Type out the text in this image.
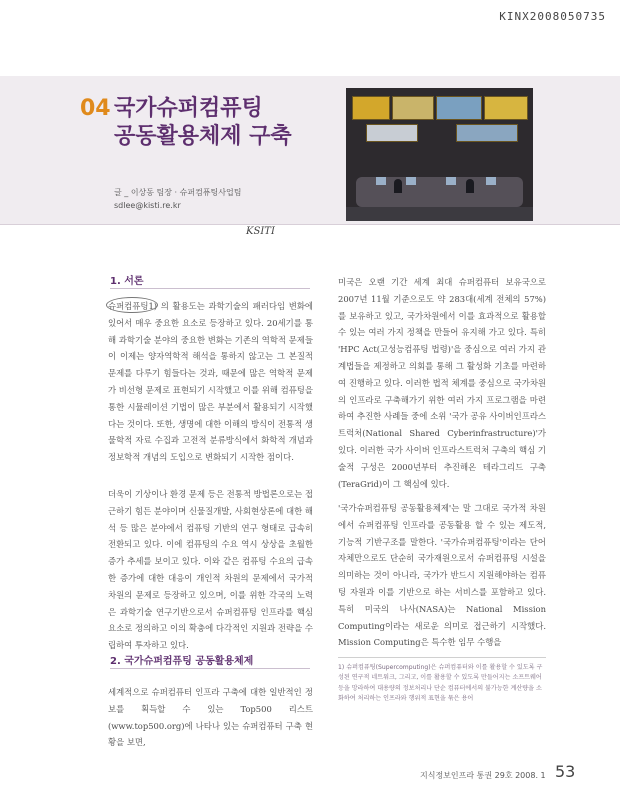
KINX2008050735
04 국가슈퍼컴퓨팅
공동활용체제 구축
글 _ 이상동 팀장 · 슈퍼컴퓨팅사업팀
sdlee@kisti.re.kr
KSITI
1. 서론

슈퍼컴퓨팅1) 의 활용도는 과학기술의 패러다임 변화에 있어서 매우 중요한 요소로 등장하고 있다. 20세기를 통해 과학기술 분야의 중요한 변화는 기존의 역학적 문제들이 이제는 양자역학적 해석을 통하지 않고는 그 본질적 문제를 다루기 힘들다는 것과, 때문에 많은 역학적 문제가 비선형 문제로 표현되기 시작했고 이를 위해 컴퓨팅을 통한 시뮬레이션 기법이 많은 부분에서 활용되기 시작했다는 것이다. 또한, 생명에 대한 이해의 방식이 전통적 생물학적 자료 수집과 고전적 분류방식에서 화학적 개념과 정보학적 개념의 도입으로 변화되기 시작한 점이다.

더욱이 기상이나 환경 문제 등은 전통적 방법론으로는 접근하기 힘든 분야이며 신물질개발, 사회현상론에 대한 해석 등 많은 분야에서 컴퓨팅 기반의 연구 형태로 급속히 전환되고 있다. 이에 컴퓨팅의 수요 역시 상상을 초월한 증가 추세를 보이고 있다. 이와 같은 컴퓨팅 수요의 급속한 증가에 대한 대응이 개인적 차원의 문제에서 국가적 차원의 문제로 등장하고 있으며, 이를 위한 각국의 노력은 과학기술 연구기반으로서 슈퍼컴퓨팅 인프라를 핵심 요소로 정의하고 이의 확충에 다각적인 지원과 전략을 수립하여 투자하고 있다.

2. 국가슈퍼컴퓨팅 공동활용체제

세계적으로 슈퍼컴퓨터 인프라 구축에 대한 일반적인 정보를 획득할 수 있는 Top500 리스트(www.top500.org)에 나타나 있는 슈퍼컴퓨터 구축 현황을 보면,

미국은 오랜 기간 세계 최대 슈퍼컴퓨터 보유국으로 2007년 11월 기준으로도 약 283대(세계 전체의 57%)를 보유하고 있고, 국가차원에서 이를 효과적으로 활용할 수 있는 여러 가지 정책을 만들어 유지해 가고 있다. 특히 'HPC Act(고성능컴퓨팅 법령)'을 중심으로 여러 가지 관계법들을 제정하고 의회를 통해 그 활성화 기초를 마련하여 진행하고 있다. 이러한 법적 체계를 중심으로 국가차원의 인프라로 구축해가기 위한 여러 가지 프로그램을 마련하여 추진한 사례들 중에 소위 '국가 공유 사이버인프라스트럭처(National Shared Cyberinfrastructure)'가 있다. 이러한 국가 사이버 인프라스트럭처 구축의 핵심 기술적 구성은 2000년부터 추진해온 테라그리드 구축(TeraGrid)이 그 핵심에 있다.

'국가슈퍼컴퓨팅 공동활용체제'는 말 그대로 국가적 차원에서 슈퍼컴퓨팅 인프라를 공동활용 할 수 있는 제도적, 기능적 기반구조를 말한다. '국가슈퍼컴퓨팅'이라는 단어 자체만으로도 단순히 국가재원으로서 슈퍼컴퓨팅 시설을 의미하는 것이 아니라, 국가가 반드시 지원해야하는 컴퓨팅 자원과 이를 기반으로 하는 서비스를 포함하고 있다. 특히 미국의 나사(NASA)는 National Mission Computing이라는 새로운 의미로 접근하기 시작했다. Mission Computing은 특수한 임무 수행을

1) 슈퍼컴퓨팅(Supercomputing)은 슈퍼컴퓨터와 이를 활용할 수 있도록 구성된 연구적 네트워크, 그리고, 이를 활용할 수 있도록 만들어지는 소프트웨어 등을 망라하여 대용량의 정보처리나 단순 컴퓨터에서의 불가능한 계산량을 소화하여 처리하는 인프라와 행위적 표현을 묶은 용어
지식정보인프라 통권 29호 2008. 1 53
